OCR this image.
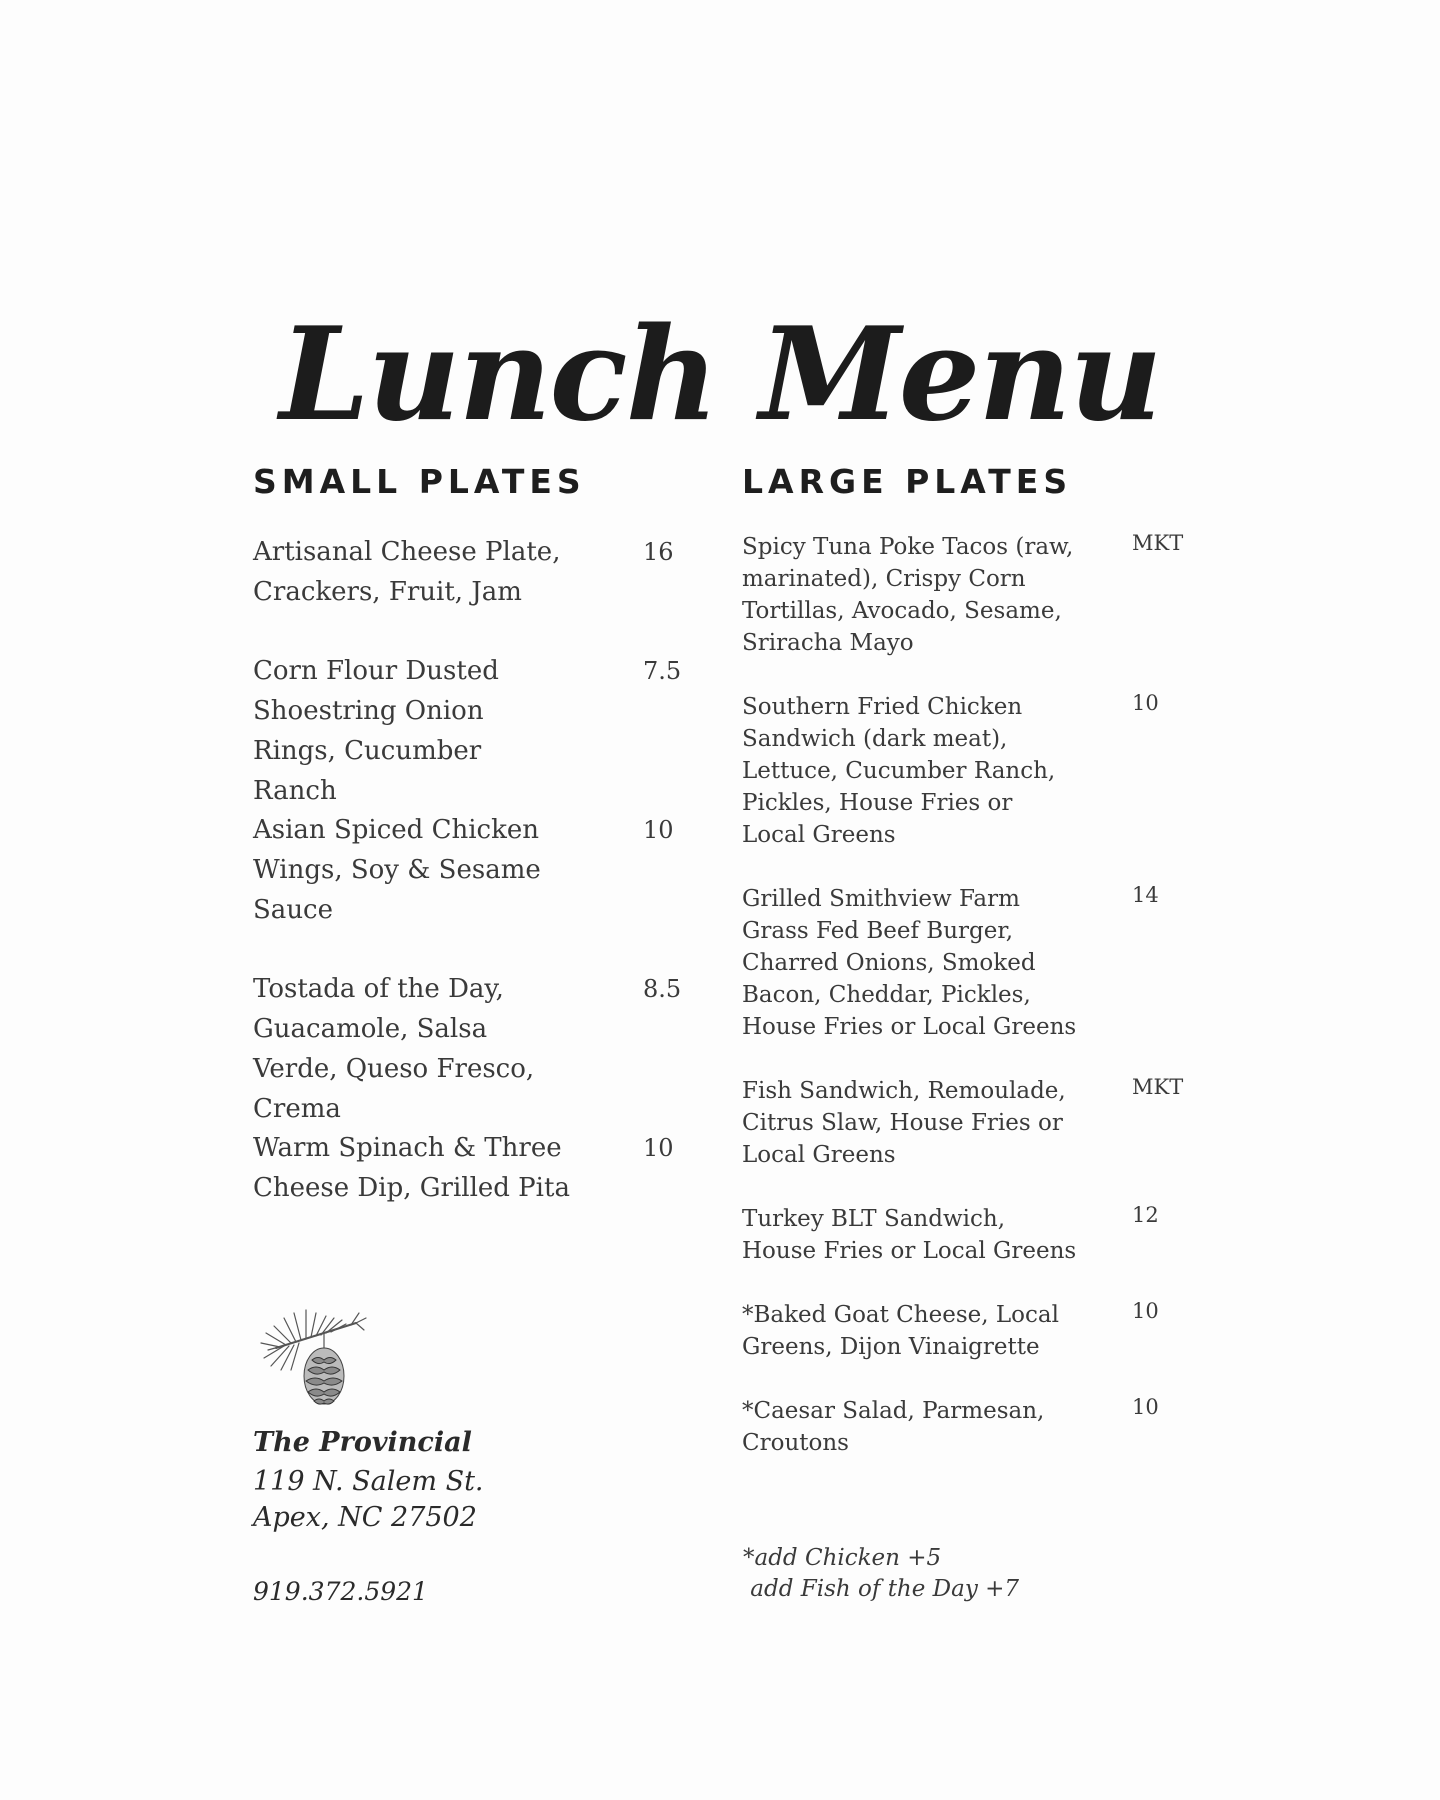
Lunch Menu
SMALL PLATES
Artisanal Cheese Plate, Crackers, Fruit, Jam
16
Corn Flour Dusted Shoestring Onion Rings, Cucumber Ranch
7.5
Asian Spiced Chicken Wings, Soy & Sesame Sauce
10
Tostada of the Day, Guacamole, Salsa Verde, Queso Fresco, Crema
8.5
Warm Spinach & Three Cheese Dip, Grilled Pita
10
LARGE PLATES
Spicy Tuna Poke Tacos (raw, marinated), Crispy Corn Tortillas, Avocado, Sesame, Sriracha Mayo
MKT
Southern Fried Chicken Sandwich (dark meat), Lettuce, Cucumber Ranch, Pickles, House Fries or Local Greens
10
Grilled Smithview Farm Grass Fed Beef Burger, Charred Onions, Smoked Bacon, Cheddar, Pickles, House Fries or Local Greens
14
Fish Sandwich, Remoulade, Citrus Slaw, House Fries or Local Greens
MKT
Turkey BLT Sandwich, House Fries or Local Greens
12
*Baked Goat Cheese, Local Greens, Dijon Vinaigrette
10
*Caesar Salad, Parmesan, Croutons
10
The Provincial
119 N. Salem St.
Apex, NC 27502
919.372.5921
*add Chicken +5
add Fish of the Day +7
